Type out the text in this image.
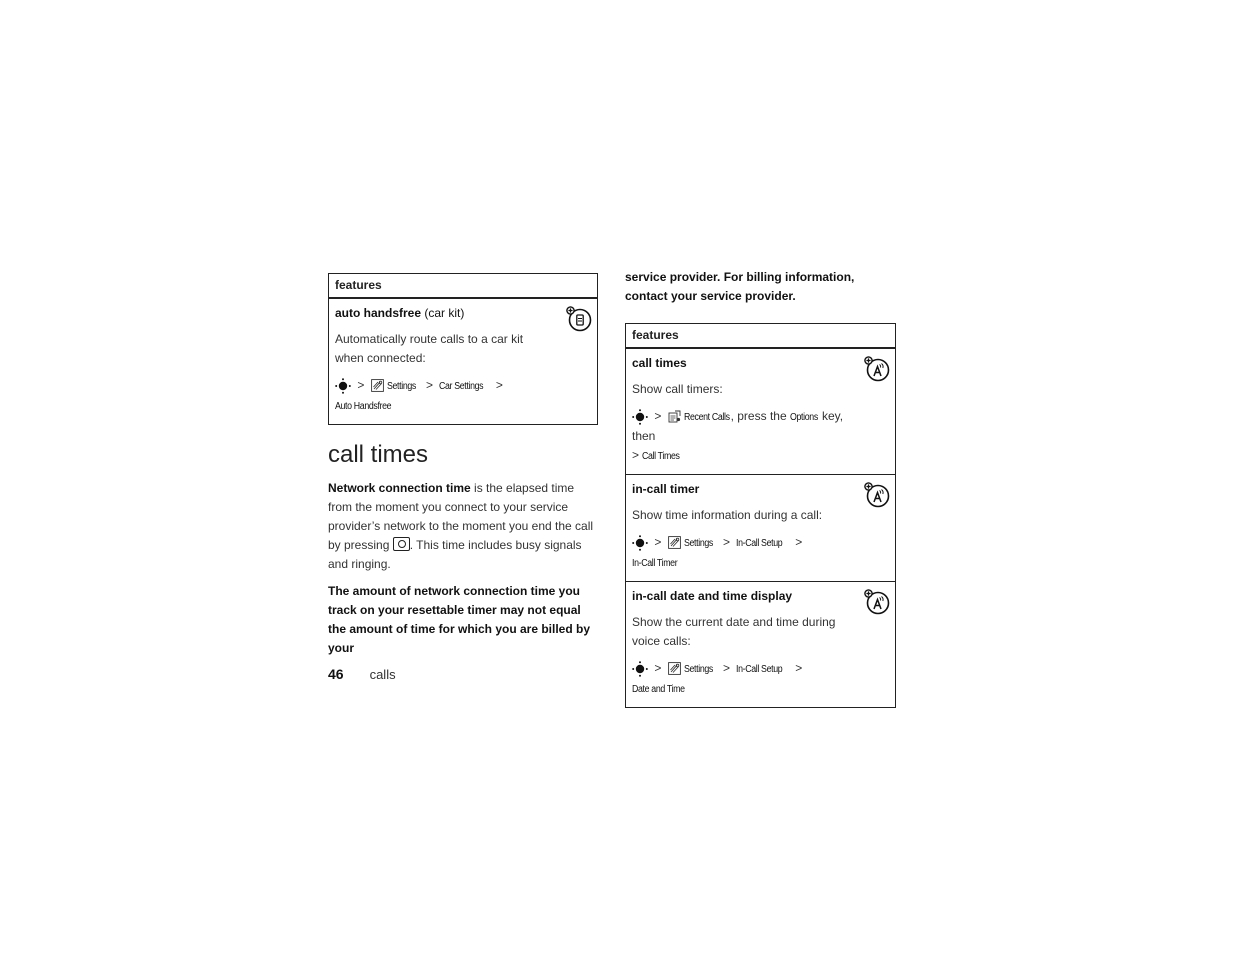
features
auto handsfree (car kit)
Automatically route calls to a car kit when connected:
> Settings > Car Settings > Auto Handsfree
call times

Network connection time is the elapsed time from the moment you connect to your service provider’s network to the moment you end the call by pressing . This time includes busy signals and ringing.

The amount of network connection time you track on your resettable timer may not equal the amount of time for which you are billed by your

service provider. For billing information, contact your service provider.

features
call times
Show call timers:
> Recent Calls, press the Options key, then
> Call Times
in-call timer
Show time information during a call:
> Settings > In-Call Setup > In-Call Timer
in-call date and time display
Show the current date and time during voice calls:
> Settings > In-Call Setup > Date and Time
46 calls
